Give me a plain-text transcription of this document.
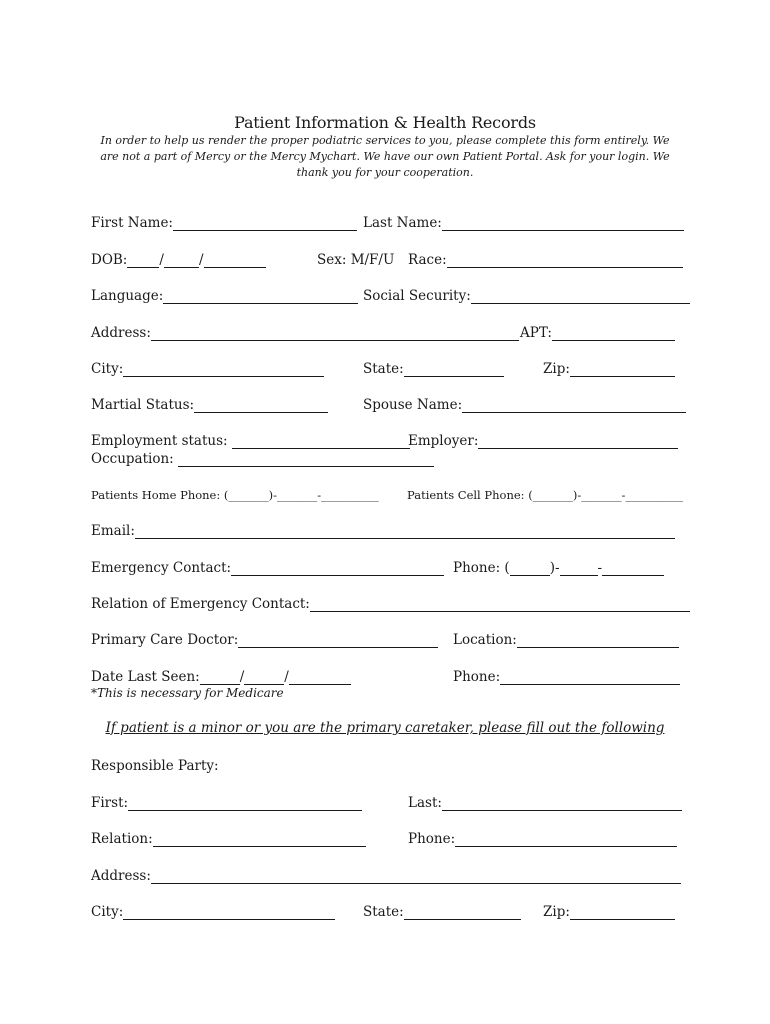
Patient Information & Health Records
In order to help us render the proper podiatric services to you, please complete this form entirely. We are not a part of Mercy or the Mercy Mychart. We have our own Patient Portal. Ask for your login. We thank you for your cooperation.
First Name:	Last Name:
DOB: /	/	Sex: M/F/U Race:
Language:	Social Security:
Address:	APT:
City:	State:	Zip:
Martial Status:	Spouse Name:
Employment status:	Employer:
Occupation:
Patients Home Phone: (_______)-_______-__________ Patients Cell Phone: (_______)-_______-__________
Email:
Emergency Contact:	Phone: (	)-	-
Relation of Emergency Contact:
Primary Care Doctor:	Location:
Date Last Seen:	/	/	Phone:
*This is necessary for Medicare
If patient is a minor or you are the primary caretaker, please fill out the following
Responsible Party:
First:	Last:
Relation:	Phone:
Address:
City:	State:	Zip:
